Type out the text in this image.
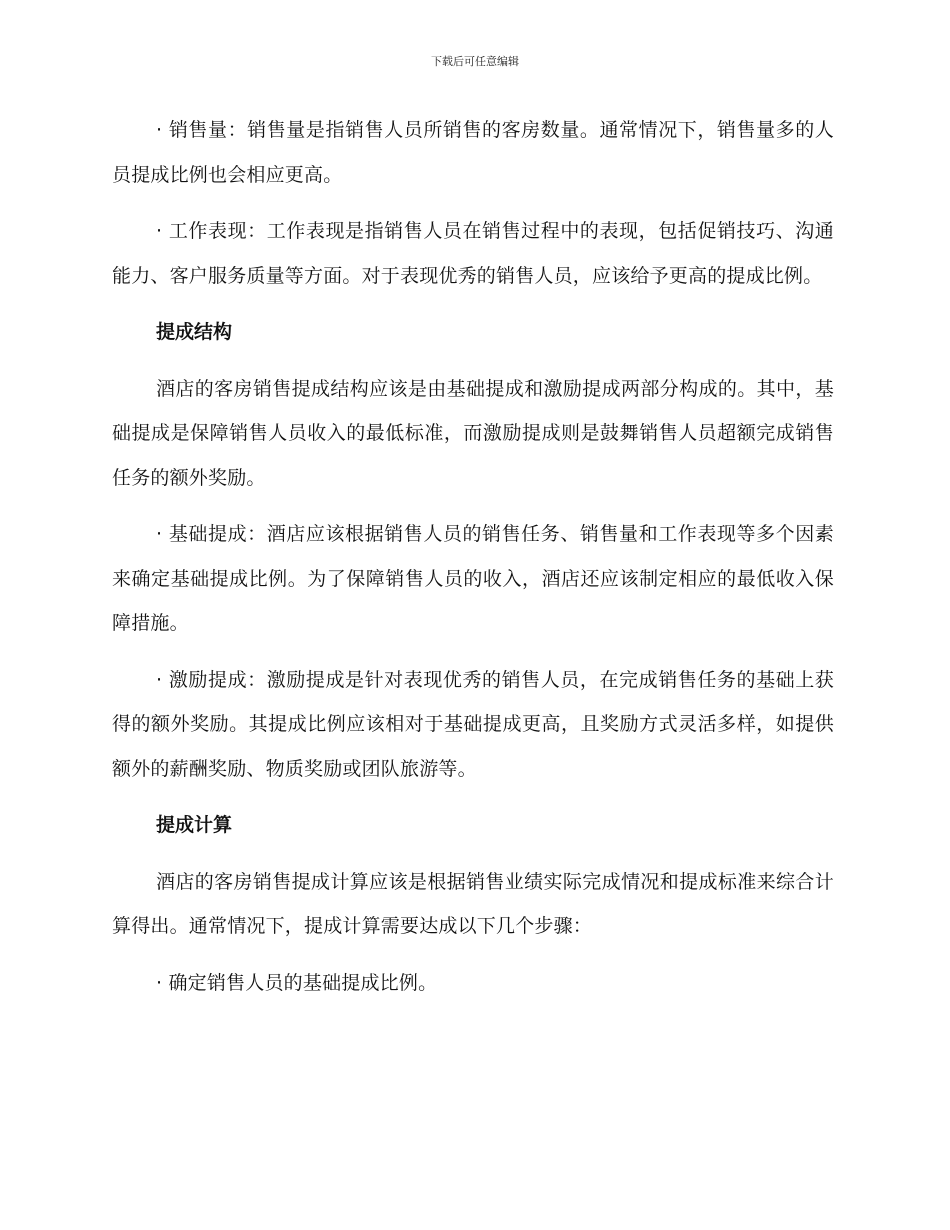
下载后可任意编辑

· 销售量：销售量是指销售人员所销售的客房数量。通常情况下，销售量多的人员提成比例也会相应更高。

· 工作表现：工作表现是指销售人员在销售过程中的表现，包括促销技巧、沟通能力、客户服务质量等方面。对于表现优秀的销售人员，应该给予更高的提成比例。

提成结构

酒店的客房销售提成结构应该是由基础提成和激励提成两部分构成的。其中，基础提成是保障销售人员收入的最低标准，而激励提成则是鼓舞销售人员超额完成销售任务的额外奖励。

· 基础提成：酒店应该根据销售人员的销售任务、销售量和工作表现等多个因素来确定基础提成比例。为了保障销售人员的收入，酒店还应该制定相应的最低收入保障措施。

· 激励提成：激励提成是针对表现优秀的销售人员，在完成销售任务的基础上获得的额外奖励。其提成比例应该相对于基础提成更高，且奖励方式灵活多样，如提供额外的薪酬奖励、物质奖励或团队旅游等。

提成计算

酒店的客房销售提成计算应该是根据销售业绩实际完成情况和提成标准来综合计算得出。通常情况下，提成计算需要达成以下几个步骤：

· 确定销售人员的基础提成比例。
